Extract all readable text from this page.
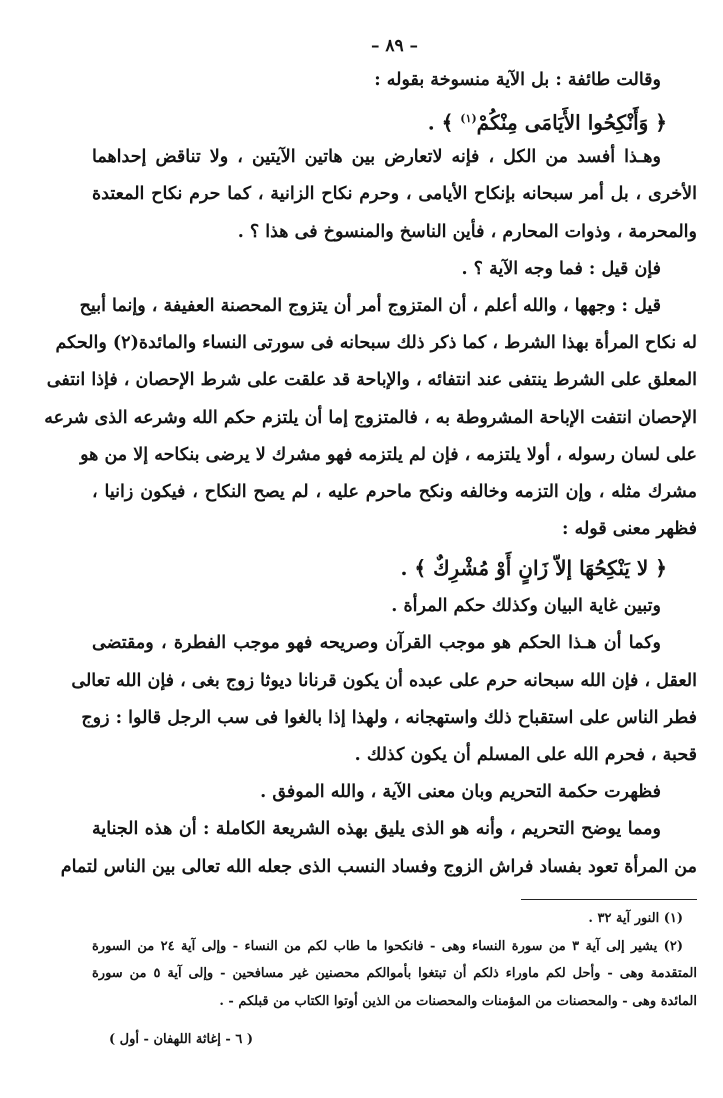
– ٨٩ –
وقالت طائفة : بل الآية منسوخة بقوله :
﴿ وَأَنْكِحُوا الأَيَامَى مِنْكُمْ$^{(١)}$ ﴾ .
وهـذا أفسد من الكل ، فإنه لاتعارض بين هاتين الآيتين ، ولا تناقض إحداهما
الأخرى ، بل أمر سبحانه بإنكاح الأيامى ، وحرم نكاح الزانية ، كما حرم نكاح المعتدة
والمحرمة ، وذوات المحارم ، فأين الناسخ والمنسوخ فى هذا ؟ .
فإن قيل : فما وجه الآية ؟ .
قيل : وجهها ، والله أعلم ، أن المتزوج أمر أن يتزوج المحصنة العفيفة ، وإنما أبيح
له نكاح المرأة بهذا الشرط ، كما ذكر ذلك سبحانه فى سورتى النساء والمائدة(٢) والحكم
المعلق على الشرط ينتفى عند انتفائه ، والإباحة قد علقت على شرط الإحصان ، فإذا انتفى
الإحصان انتفت الإباحة المشروطة به ، فالمتزوج إما أن يلتزم حكم الله وشرعه الذى شرعه
على لسان رسوله ، أولا يلتزمه ، فإن لم يلتزمه فهو مشرك لا يرضى بنكاحه إلا من هو
مشرك مثله ، وإن التزمه وخالفه ونكح ماحرم عليه ، لم يصح النكاح ، فيكون زانيا ،
فظهر معنى قوله :
﴿ لا يَنْكِحُهَا إلاّ زَانٍ أَوْ مُشْرِكٌ ﴾ .
وتبين غاية البيان وكذلك حكم المرأة .
وكما أن هـذا الحكم هو موجب القرآن وصريحه فهو موجب الفطرة ، ومقتضى
العقل ، فإن الله سبحانه حرم على عبده أن يكون قرنانا ديوثا زوج بغى ، فإن الله تعالى
فطر الناس على استقباح ذلك واستهجانه ، ولهذا إذا بالغوا فى سب الرجل قالوا : زوج
قحبة ، فحرم الله على المسلم أن يكون كذلك .
فظهرت حكمة التحريم وبان معنى الآية ، والله الموفق .
ومما يوضح التحريم ، وأنه هو الذى يليق بهذه الشريعة الكاملة : أن هذه الجناية
من المرأة تعود بفساد فراش الزوج وفساد النسب الذى جعله الله تعالى بين الناس لتمام
(١) النور آية ٣٢ .
(٢) يشير إلى آية ٣ من سورة النساء وهى - فانكحوا ما طاب لكم من النساء - وإلى آية ٢٤ من السورة
المتقدمة وهى - وأحل لكم ماوراء ذلكم أن تبتغوا بأموالكم محصنين غير مسافحين - وإلى آية ٥ من سورة
المائدة وهى - والمحصنات من المؤمنات والمحصنات من الذين أوتوا الكتاب من قبلكم - .
( ٦ - إغاثة اللهفان - أول )
